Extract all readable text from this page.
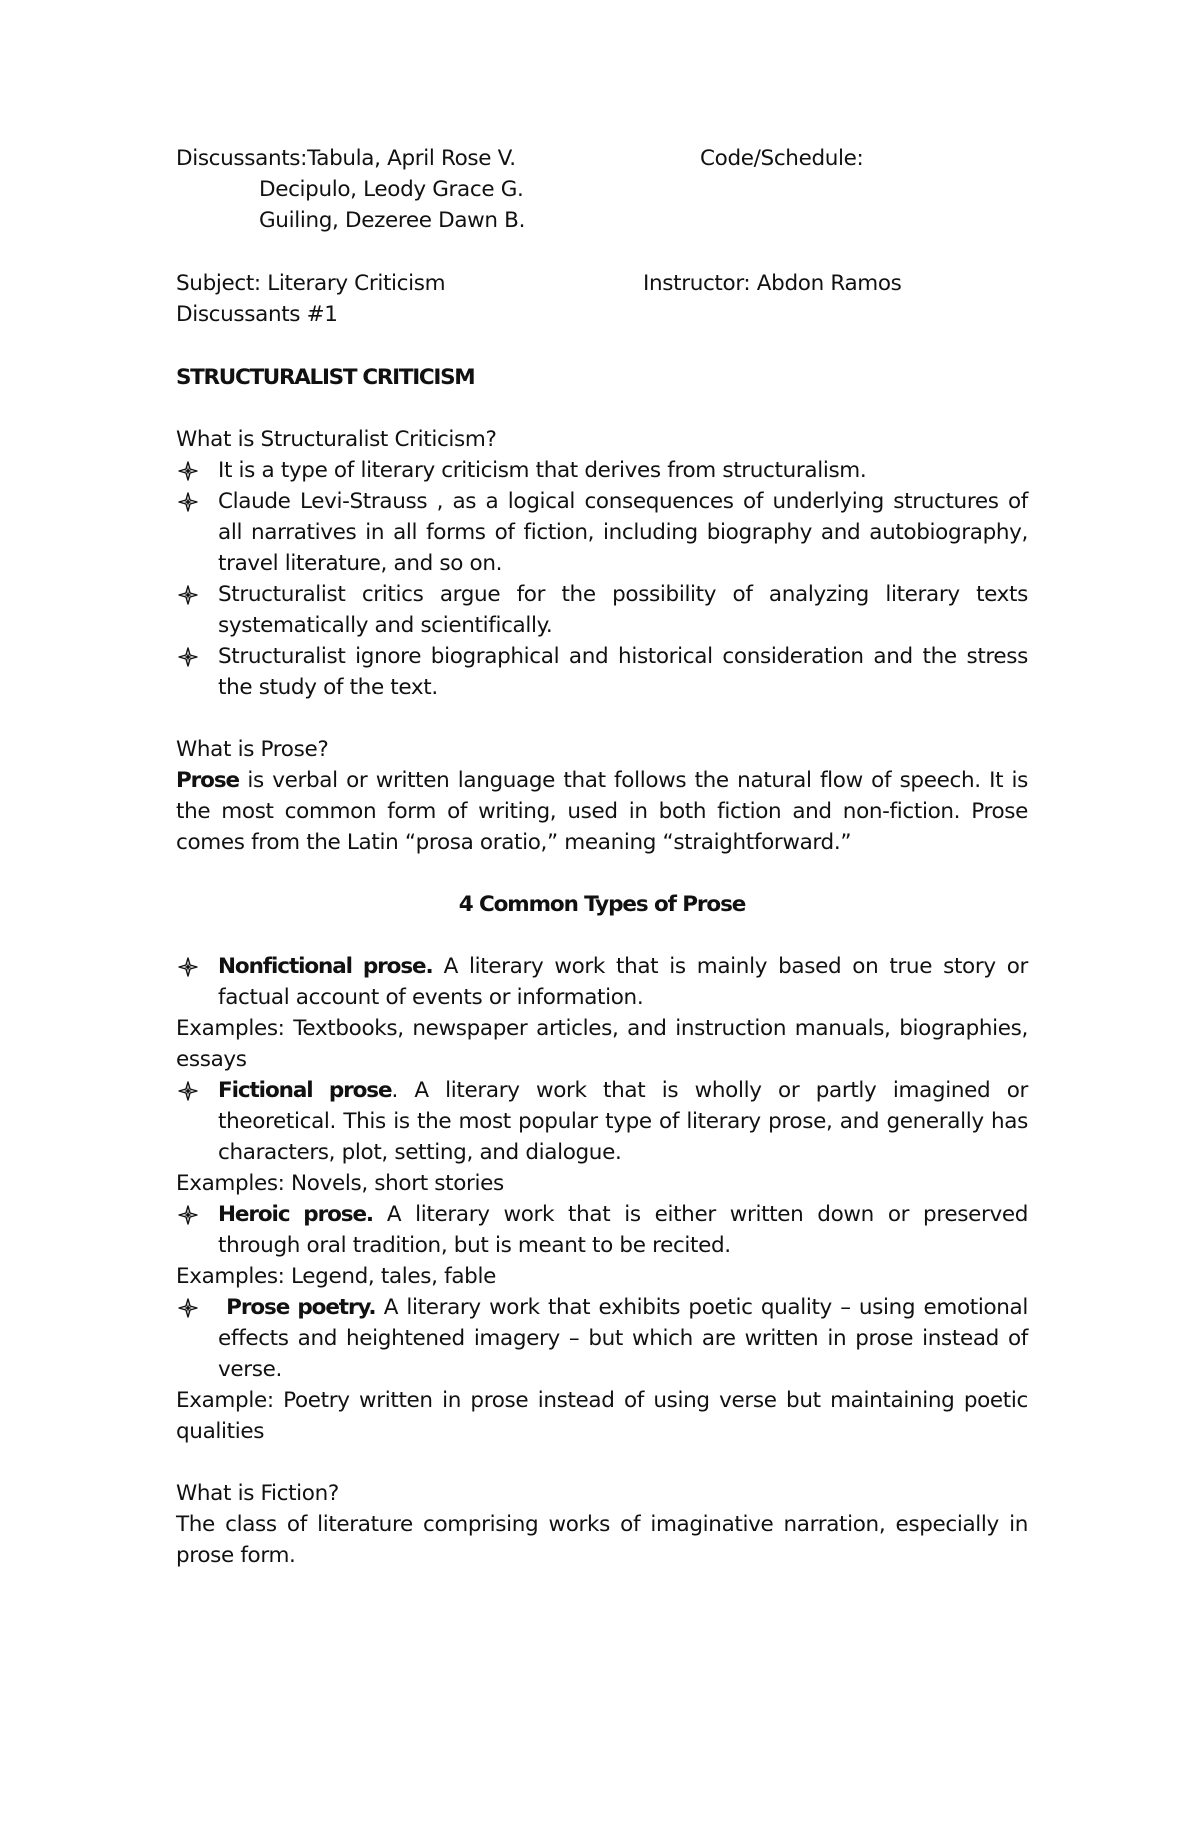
Discussants:Tabula, April Rose V.	Code/Schedule:
Decipulo, Leody Grace G.
Guiling, Dezeree Dawn B.
Subject: Literary Criticism	Instructor: Abdon Ramos
Discussants #1
STRUCTURALIST CRITICISM

What is Structuralist Criticism?

It is a type of literary criticism that derives from structuralism.
Claude Levi-Strauss , as a logical consequences of underlying structures of all narratives in all forms of fiction, including biography and autobiography, travel literature, and so on.
Structuralist critics argue for the possibility of analyzing literary texts systematically and scientifically.
Structuralist ignore biographical and historical consideration and the stress the study of the text.

What is Prose?

Prose is verbal or written language that follows the natural flow of speech. It is the most common form of writing, used in both fiction and non-fiction. Prose comes from the Latin “prosa oratio,” meaning “straightforward.”

4 Common Types of Prose

Nonfictional prose. A literary work that is mainly based on true story or factual account of events or information.

Examples: Textbooks, newspaper articles, and instruction manuals, biographies, essays

Fictional prose. A literary work that is wholly or partly imagined or theoretical. This is the most popular type of literary prose, and generally has characters, plot, setting, and dialogue.

Examples: Novels, short stories

Heroic prose. A literary work that is either written down or preserved through oral tradition, but is meant to be recited.

Examples: Legend, tales, fable

Prose poetry. A literary work that exhibits poetic quality – using emotional effects and heightened imagery – but which are written in prose instead of verse.

Example: Poetry written in prose instead of using verse but maintaining poetic qualities

What is Fiction?

The class of literature comprising works of imaginative narration, especially in prose form.
